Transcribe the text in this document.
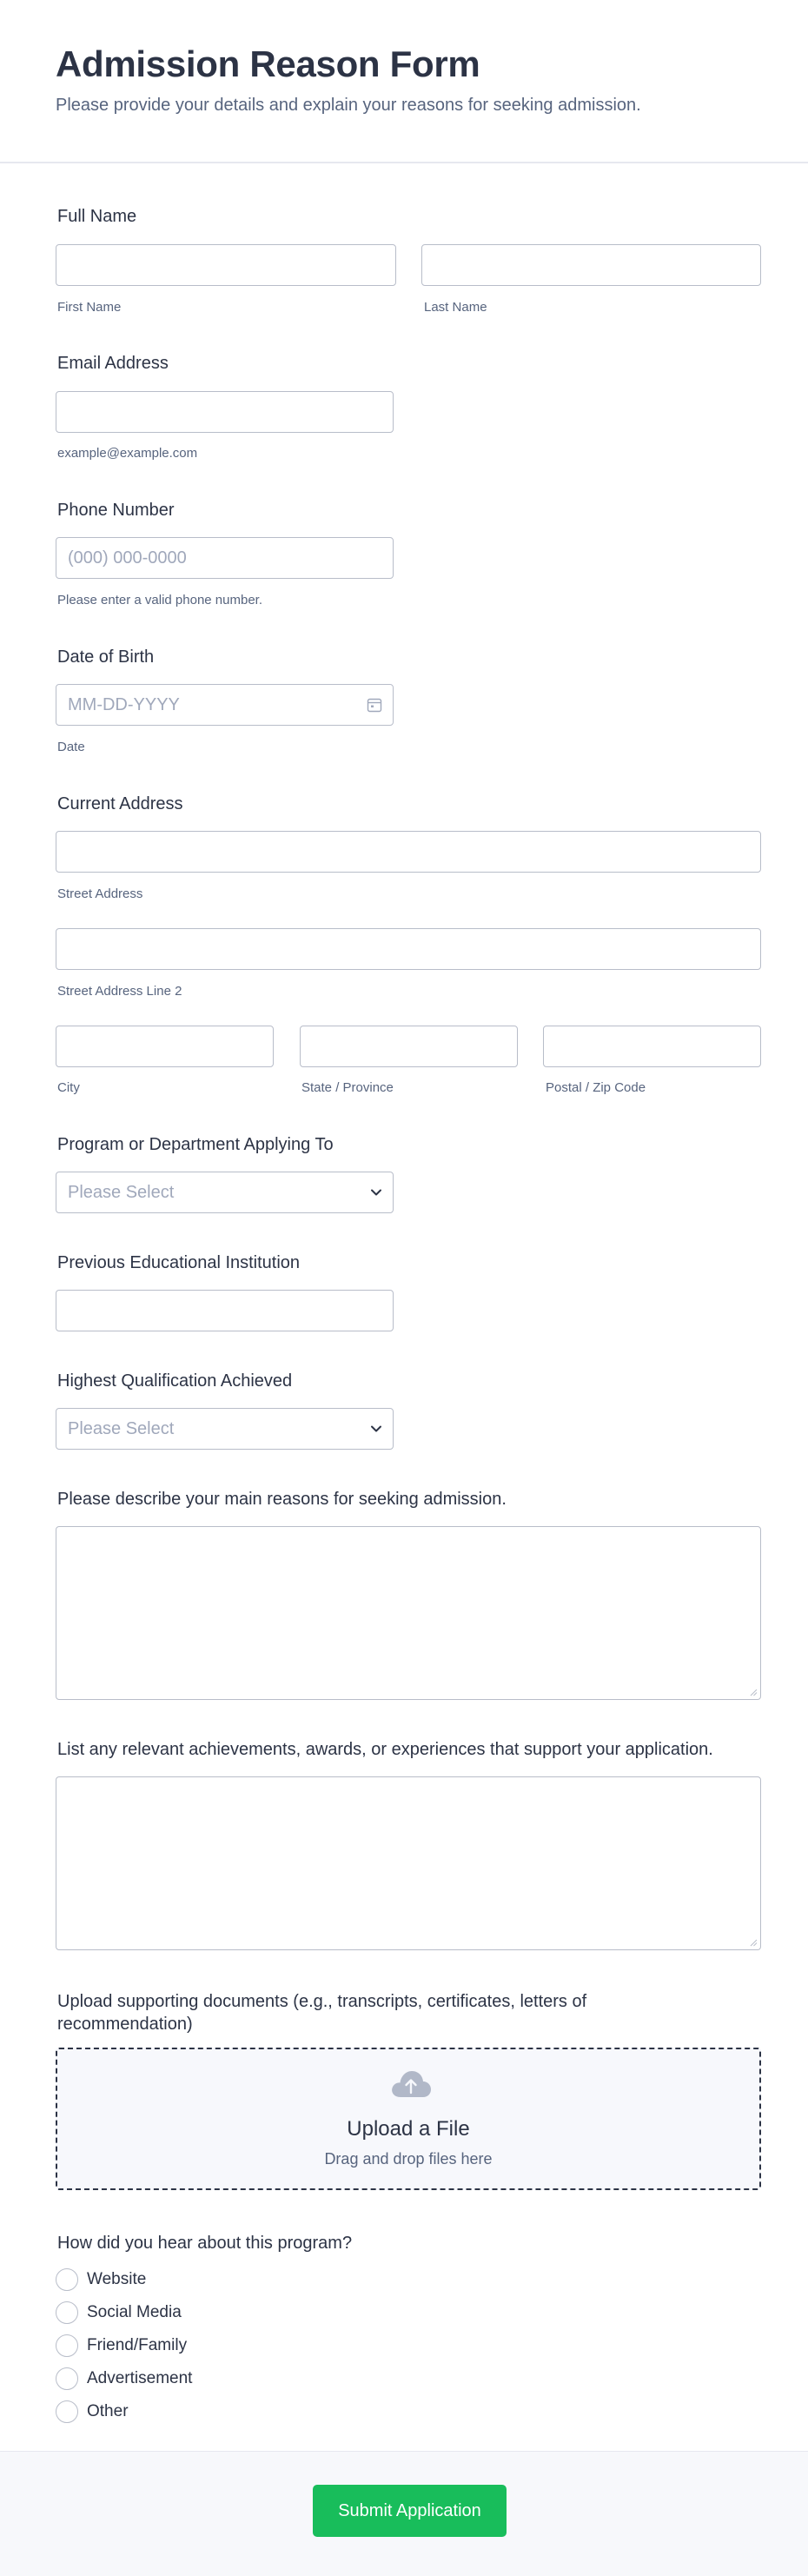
Admission Reason Form

Please provide your details and explain your reasons for seeking admission.

Full Name
First Name	Last Name
Email Address
example@example.com
Phone Number
(000) 000-0000
Please enter a valid phone number.
Date of Birth
MM-DD-YYYY
Date
Current Address
Street Address
Street Address Line 2
City	State / Province	Postal / Zip Code
Program or Department Applying To
Please Select
Previous Educational Institution
Highest Qualification Achieved
Please Select
Please describe your main reasons for seeking admission.
List any relevant achievements, awards, or experiences that support your application.
Upload supporting documents (e.g., transcripts, certificates, letters of
recommendation)
Upload a File
Drag and drop files here
How did you hear about this program?
Website
Social Media
Friend/Family
Advertisement
Other
Submit Application
